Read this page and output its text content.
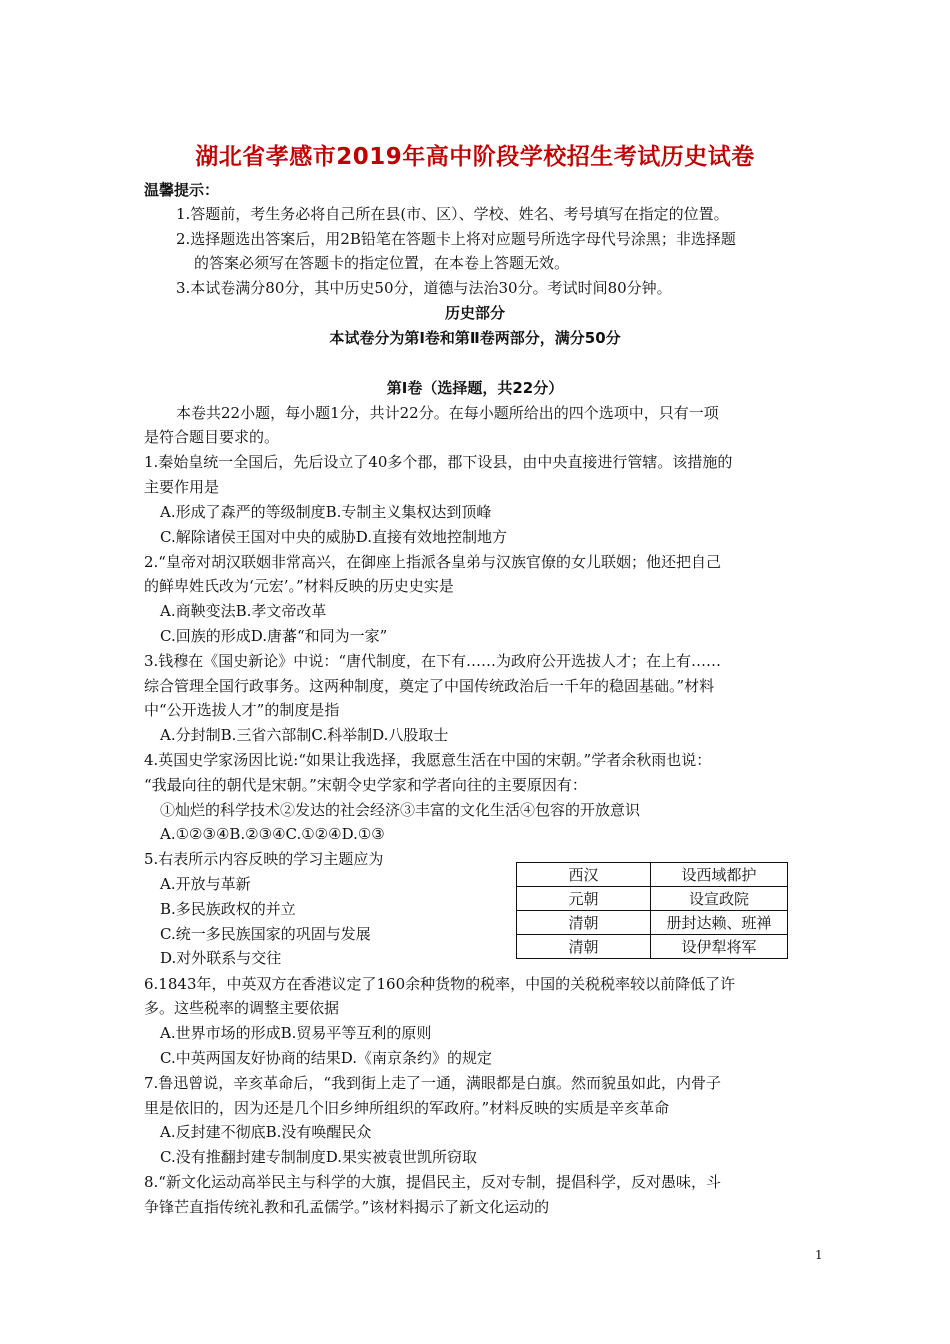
湖北省孝感市2019年高中阶段学校招生考试历史试卷
温馨提示：
1.答题前，考生务必将自己所在县(市、区）、学校、姓名、考号填写在指定的位置。
2.选择题选出答案后，用2B铅笔在答题卡上将对应题号所选字母代号涂黑；非选择题
的答案必须写在答题卡的指定位置，在本卷上答题无效。
3.本试卷满分80分，其中历史50分，道德与法治30分。考试时间80分钟。
历史部分
本试卷分为第Ⅰ卷和第Ⅱ卷两部分，满分50分
第Ⅰ卷（选择题，共22分）
本卷共22小题，每小题1分，共计22分。在每小题所给出的四个选项中，只有一项
是符合题目要求的。
1.秦始皇统一全国后，先后设立了40多个郡，郡下设县，由中央直接进行管辖。该措施的
主要作用是
A.形成了森严的等级制度B.专制主义集权达到顶峰
C.解除诸侯王国对中央的威胁D.直接有效地控制地方
2.“皇帝对胡汉联姻非常高兴，在御座上指派各皇弟与汉族官僚的女儿联姻；他还把自己
的鲜卑姓氏改为‘元宏’。”材料反映的历史史实是
A.商鞅变法B.孝文帝改革
C.回族的形成D.唐蕃“和同为一家”
3.钱穆在《国史新论》中说：“唐代制度，在下有……为政府公开选拔人才；在上有……
综合管理全国行政事务。这两种制度，奠定了中国传统政治后一千年的稳固基础。”材料
中“公开选拔人才”的制度是指
A.分封制B.三省六部制C.科举制D.八股取士
4.英国史学家汤因比说:“如果让我选择，我愿意生活在中国的宋朝。”学者余秋雨也说：
“我最向往的朝代是宋朝。”宋朝令史学家和学者向往的主要原因有：
①灿烂的科学技术②发达的社会经济③丰富的文化生活④包容的开放意识
A.①②③④B.②③④C.①②④D.①③
5.右表所示内容反映的学习主题应为
A.开放与革新
B.多民族政权的并立
C.统一多民族国家的巩固与发展
D.对外联系与交往
西汉	设西域都护
元朝	设宣政院
清朝	册封达赖、班禅
清朝	设伊犁将军
6.1843年，中英双方在香港议定了160余种货物的税率，中国的关税税率较以前降低了许
多。这些税率的调整主要依据
A.世界市场的形成B.贸易平等互利的原则
C.中英两国友好协商的结果D.《南京条约》的规定
7.鲁迅曾说，辛亥革命后，“我到街上走了一通，满眼都是白旗。然而貌虽如此，内骨子
里是依旧的，因为还是几个旧乡绅所组织的军政府。”材料反映的实质是辛亥革命
A.反封建不彻底B.没有唤醒民众
C.没有推翻封建专制制度D.果实被袁世凯所窃取
8.“新文化运动高举民主与科学的大旗，提倡民主，反对专制，提倡科学，反对愚味，斗
争锋芒直指传统礼教和孔孟儒学。”该材料揭示了新文化运动的
1
